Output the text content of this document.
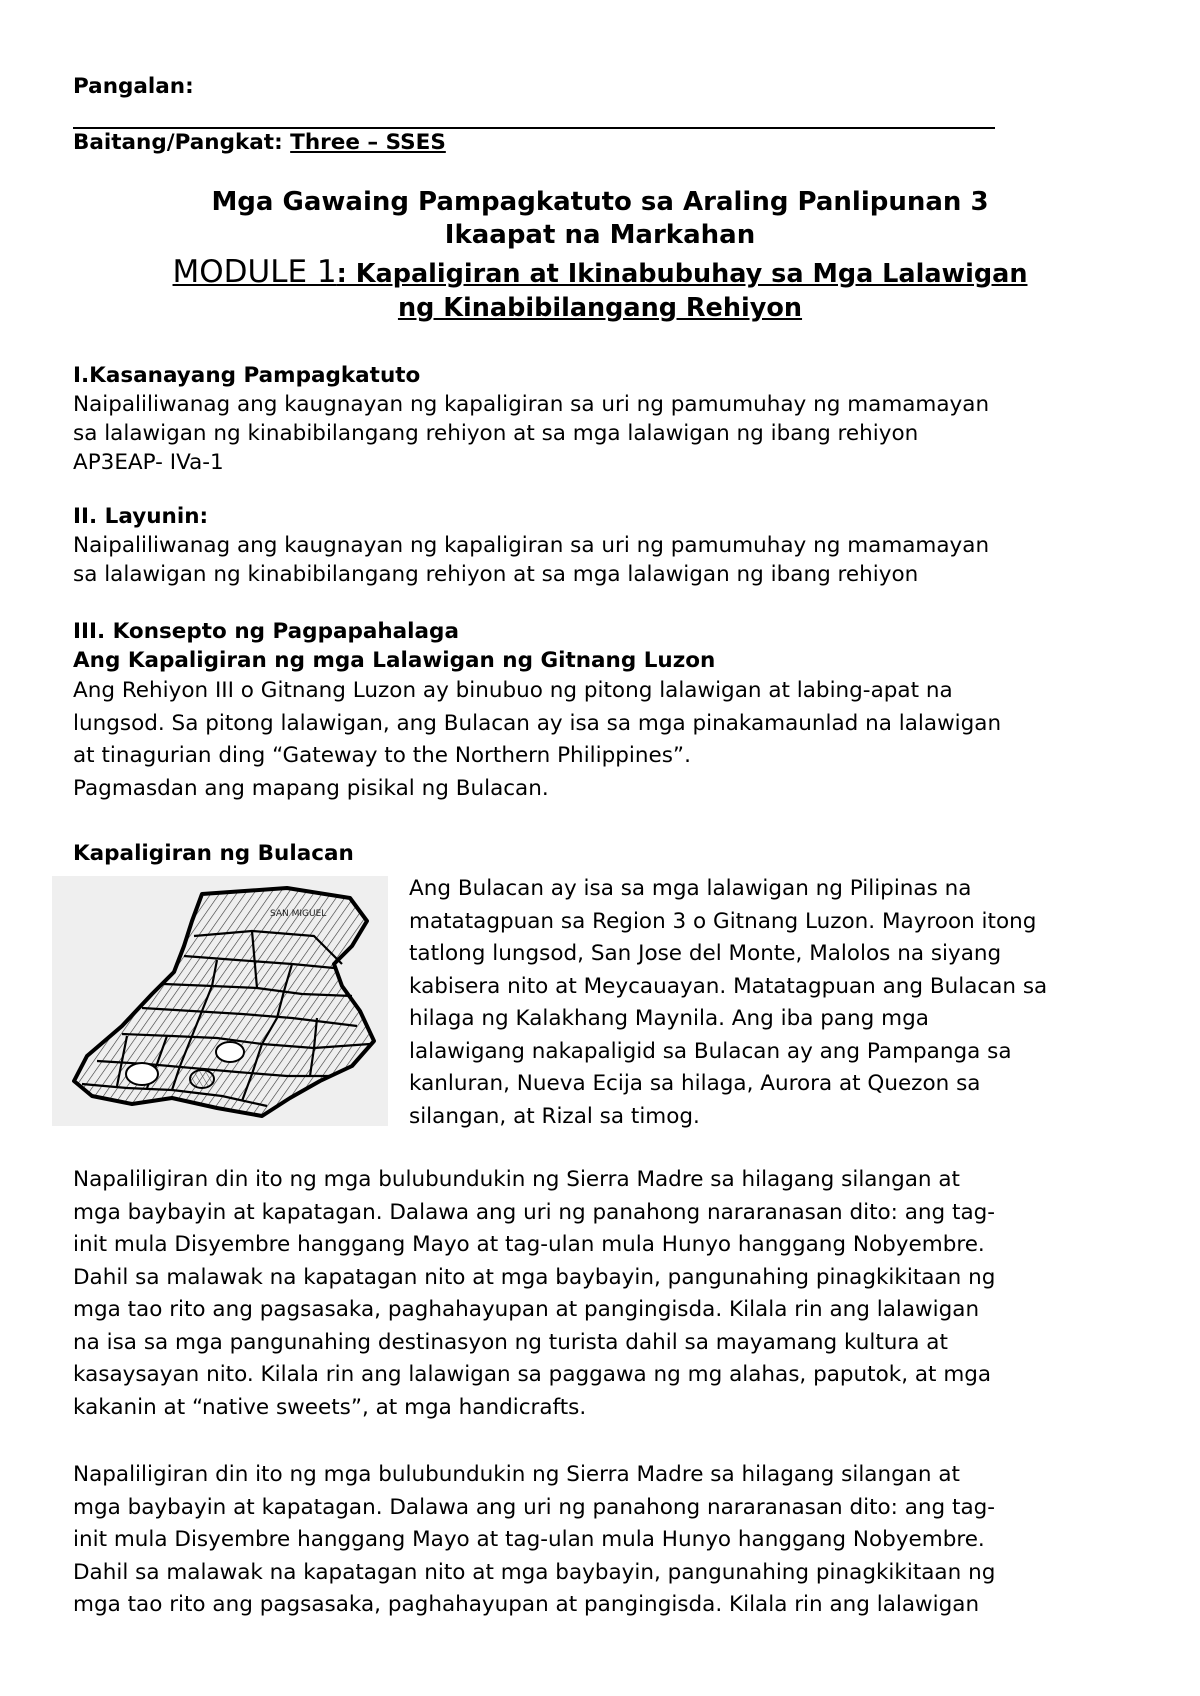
Pangalan:
Baitang/Pangkat: Three – SSES
Mga Gawaing Pampagkatuto sa Araling Panlipunan 3
Ikaapat na Markahan
MODULE 1: Kapaligiran at Ikinabubuhay sa Mga Lalawigan
ng Kinabibilangang Rehiyon
I.Kasanayang Pampagkatuto
Naipaliliwanag ang kaugnayan ng kapaligiran sa uri ng pamumuhay ng mamamayan
sa lalawigan ng kinabibilangang rehiyon at sa mga lalawigan ng ibang rehiyon
AP3EAP- IVa-1
II. Layunin:
Naipaliliwanag ang kaugnayan ng kapaligiran sa uri ng pamumuhay ng mamamayan
sa lalawigan ng kinabibilangang rehiyon at sa mga lalawigan ng ibang rehiyon
III. Konsepto ng Pagpapahalaga
Ang Kapaligiran ng mga Lalawigan ng Gitnang Luzon
Ang Rehiyon III o Gitnang Luzon ay binubuo ng pitong lalawigan at labing-apat na
lungsod. Sa pitong lalawigan, ang Bulacan ay isa sa mga pinakamaunlad na lalawigan
at tinagurian ding “Gateway to the Northern Philippines”.
Pagmasdan ang mapang pisikal ng Bulacan.
Kapaligiran ng Bulacan
SAN MIGUEL
Ang Bulacan ay isa sa mga lalawigan ng Pilipinas na
matatagpuan sa Region 3 o Gitnang Luzon. Mayroon itong
tatlong lungsod, San Jose del Monte, Malolos na siyang
kabisera nito at Meycauayan. Matatagpuan ang Bulacan sa
hilaga ng Kalakhang Maynila. Ang iba pang mga
lalawigang nakapaligid sa Bulacan ay ang Pampanga sa
kanluran, Nueva Ecija sa hilaga, Aurora at Quezon sa
silangan, at Rizal sa timog.
Napaliligiran din ito ng mga bulubundukin ng Sierra Madre sa hilagang silangan at
mga baybayin at kapatagan. Dalawa ang uri ng panahong nararanasan dito: ang tag-
init mula Disyembre hanggang Mayo at tag-ulan mula Hunyo hanggang Nobyembre.
Dahil sa malawak na kapatagan nito at mga baybayin, pangunahing pinagkikitaan ng
mga tao rito ang pagsasaka, paghahayupan at pangingisda. Kilala rin ang lalawigan
na isa sa mga pangunahing destinasyon ng turista dahil sa mayamang kultura at
kasaysayan nito. Kilala rin ang lalawigan sa paggawa ng mg alahas, paputok, at mga
kakanin at “native sweets”, at mga handicrafts.
Napaliligiran din ito ng mga bulubundukin ng Sierra Madre sa hilagang silangan at
mga baybayin at kapatagan. Dalawa ang uri ng panahong nararanasan dito: ang tag-
init mula Disyembre hanggang Mayo at tag-ulan mula Hunyo hanggang Nobyembre.
Dahil sa malawak na kapatagan nito at mga baybayin, pangunahing pinagkikitaan ng
mga tao rito ang pagsasaka, paghahayupan at pangingisda. Kilala rin ang lalawigan
